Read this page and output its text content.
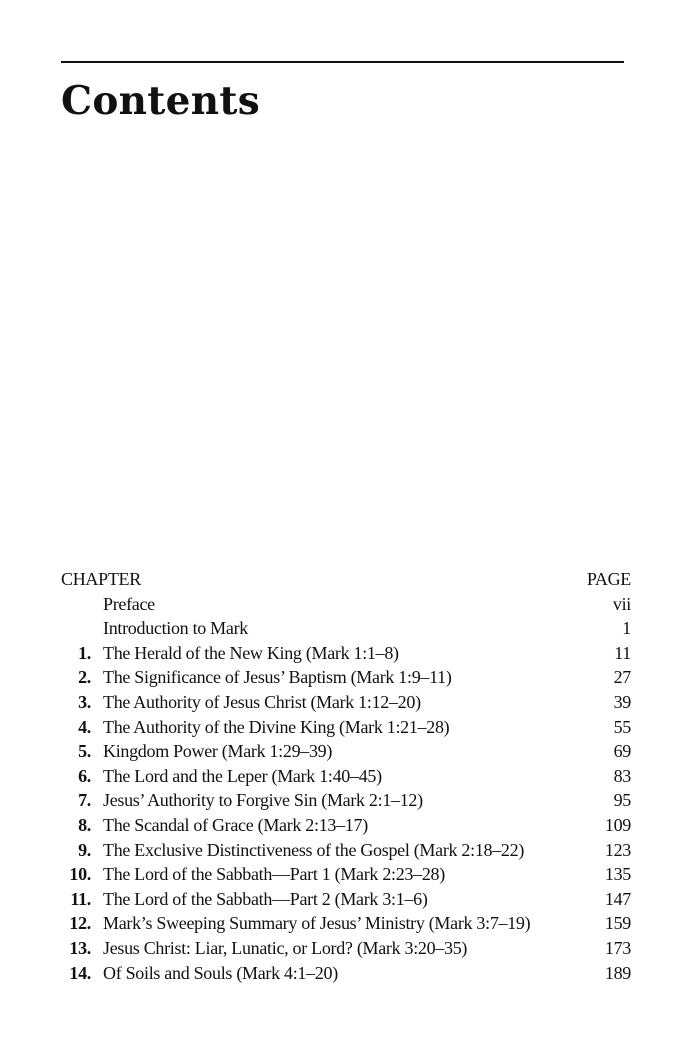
Contents
CHAPTER	PAGE
Preface	vii
Introduction to Mark	1
1. The Herald of the New King (Mark 1:1–8)	11
2. The Significance of Jesus’ Baptism (Mark 1:9–11)	27
3. The Authority of Jesus Christ (Mark 1:12–20)	39
4. The Authority of the Divine King (Mark 1:21–28)	55
5. Kingdom Power (Mark 1:29–39)	69
6. The Lord and the Leper (Mark 1:40–45)	83
7. Jesus’ Authority to Forgive Sin (Mark 2:1–12)	95
8. The Scandal of Grace (Mark 2:13–17)	109
9. The Exclusive Distinctiveness of the Gospel (Mark 2:18–22)	123
10. The Lord of the Sabbath—Part 1 (Mark 2:23–28)	135
11. The Lord of the Sabbath—Part 2 (Mark 3:1–6)	147
12. Mark’s Sweeping Summary of Jesus’ Ministry (Mark 3:7–19)	159
13. Jesus Christ: Liar, Lunatic, or Lord? (Mark 3:20–35)	173
14. Of Soils and Souls (Mark 4:1–20)	189
